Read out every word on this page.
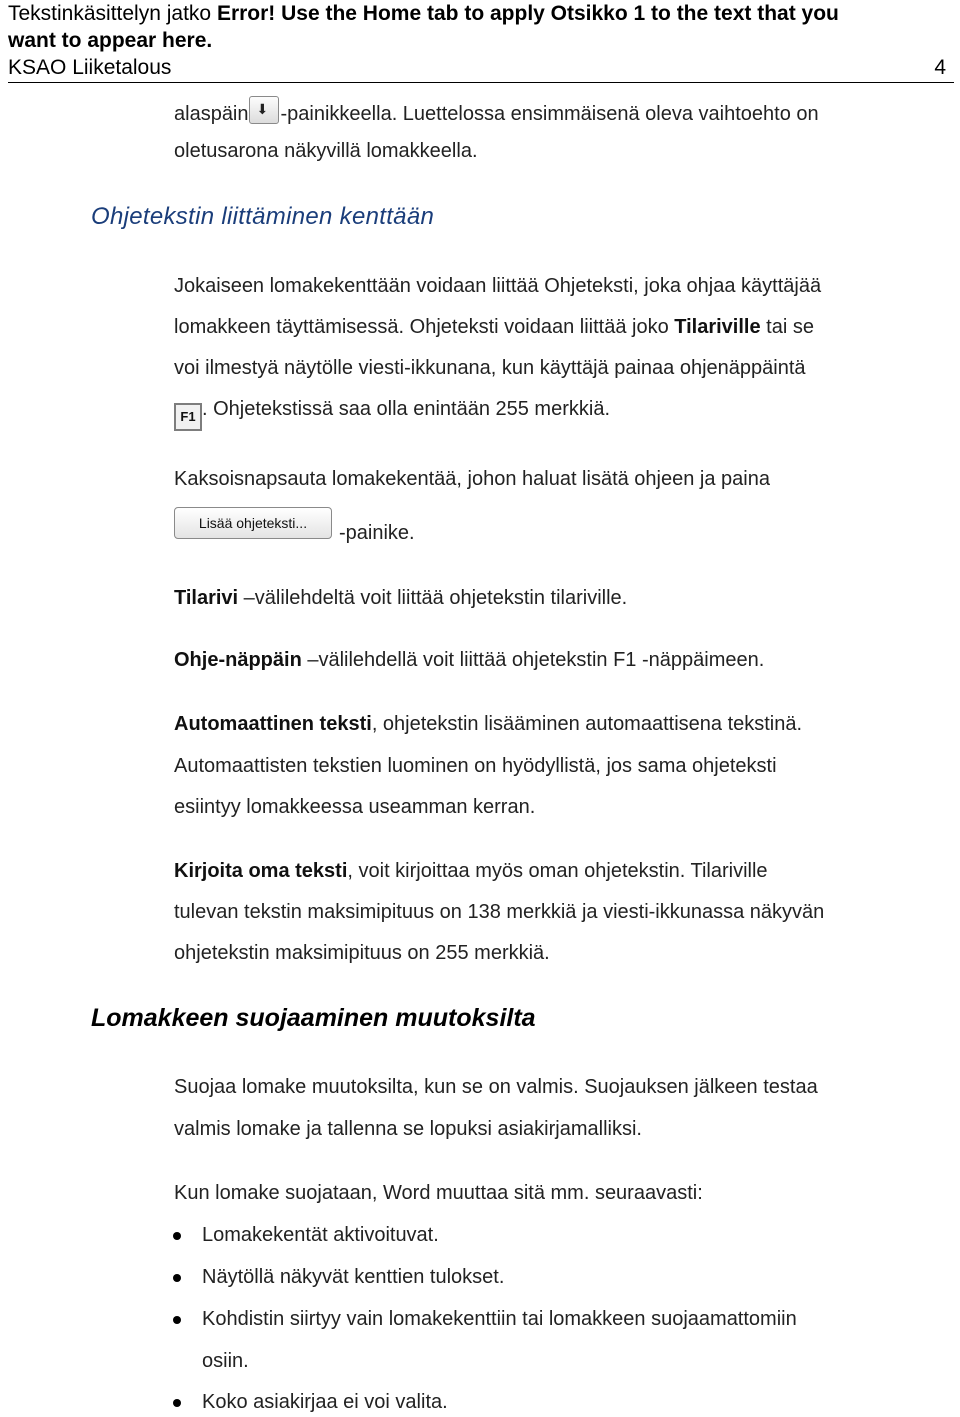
Tekstinkäsittelyn jatko Error! Use the Home tab to apply Otsikko 1 to the text that you
want to appear here.
KSAO Liiketalous	4
alaspäin ⬇ -painikkeella. Luettelossa ensimmäisenä oleva vaihtoehto on
oletusarona näkyvillä lomakkeella.
Ohjetekstin liittäminen kenttään
Jokaiseen lomakekenttään voidaan liittää Ohjeteksti, joka ohjaa käyttäjää
lomakkeen täyttämisessä. Ohjeteksti voidaan liittää joko Tilariville tai se
voi ilmestyä näytölle viesti-ikkunana, kun käyttäjä painaa ohjenäppäintä
F1 . Ohjetekstissä saa olla enintään 255 merkkiä.
Kaksoisnapsauta lomakekentää, johon haluat lisätä ohjeen ja paina
Lisää ohjeteksti...	-painike.
Tilarivi –välilehdeltä voit liittää ohjetekstin tilariville.
Ohje-näppäin –välilehdellä voit liittää ohjetekstin F1 -näppäimeen.
Automaattinen teksti, ohjetekstin lisääminen automaattisena tekstinä.
Automaattisten tekstien luominen on hyödyllistä, jos sama ohjeteksti
esiintyy lomakkeessa useamman kerran.
Kirjoita oma teksti, voit kirjoittaa myös oman ohjetekstin. Tilariville
tulevan tekstin maksimipituus on 138 merkkiä ja viesti-ikkunassa näkyvän
ohjetekstin maksimipituus on 255 merkkiä.
Lomakkeen suojaaminen muutoksilta
Suojaa lomake muutoksilta, kun se on valmis. Suojauksen jälkeen testaa
valmis lomake ja tallenna se lopuksi asiakirjamalliksi.
Kun lomake suojataan, Word muuttaa sitä mm. seuraavasti:
Lomakekentät aktivoituvat.
Näytöllä näkyvät kenttien tulokset.
Kohdistin siirtyy vain lomakekenttiin tai lomakkeen suojaamattomiin
osiin.
Koko asiakirjaa ei voi valita.
